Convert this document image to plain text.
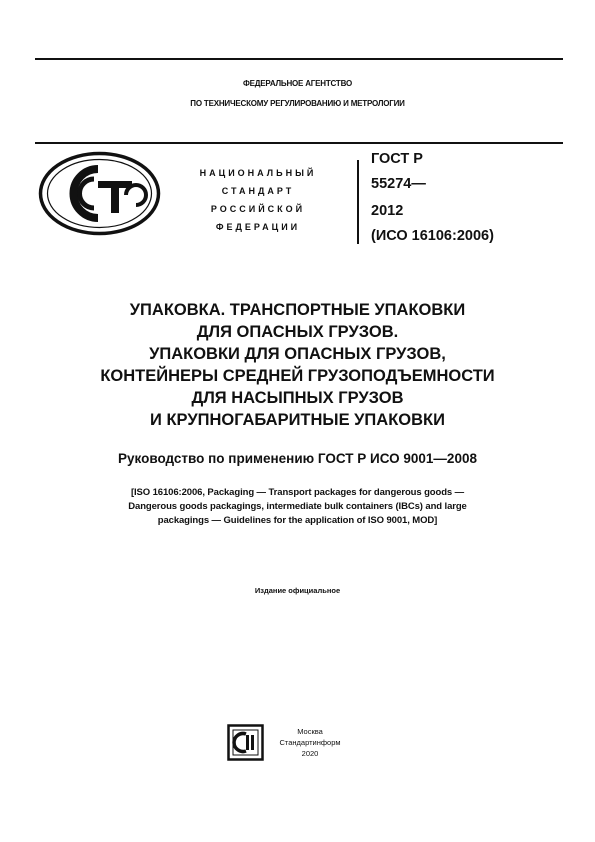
ФЕДЕРАЛЬНОЕ АГЕНТСТВО
ПО ТЕХНИЧЕСКОМУ РЕГУЛИРОВАНИЮ И МЕТРОЛОГИИ
НАЦИОНАЛЬНЫЙ
СТАНДАРТ
РОССИЙСКОЙ
ФЕДЕРАЦИИ
ГОСТ Р
55274—
2012
(ИСО 16106:2006)
УПАКОВКА. ТРАНСПОРТНЫЕ УПАКОВКИ
ДЛЯ ОПАСНЫХ ГРУЗОВ.
УПАКОВКИ ДЛЯ ОПАСНЫХ ГРУЗОВ,
КОНТЕЙНЕРЫ СРЕДНЕЙ ГРУЗОПОДЪЕМНОСТИ
ДЛЯ НАСЫПНЫХ ГРУЗОВ
И КРУПНОГАБАРИТНЫЕ УПАКОВКИ
Руководство по применению ГОСТ Р ИСО 9001—2008
[ISO 16106:2006, Packaging — Transport packages for dangerous goods —
Dangerous goods packagings, intermediate bulk containers (IBCs) and large
packagings — Guidelines for the application of ISO 9001, MOD]
Издание официальное
Москва
Стандартинформ
2020
